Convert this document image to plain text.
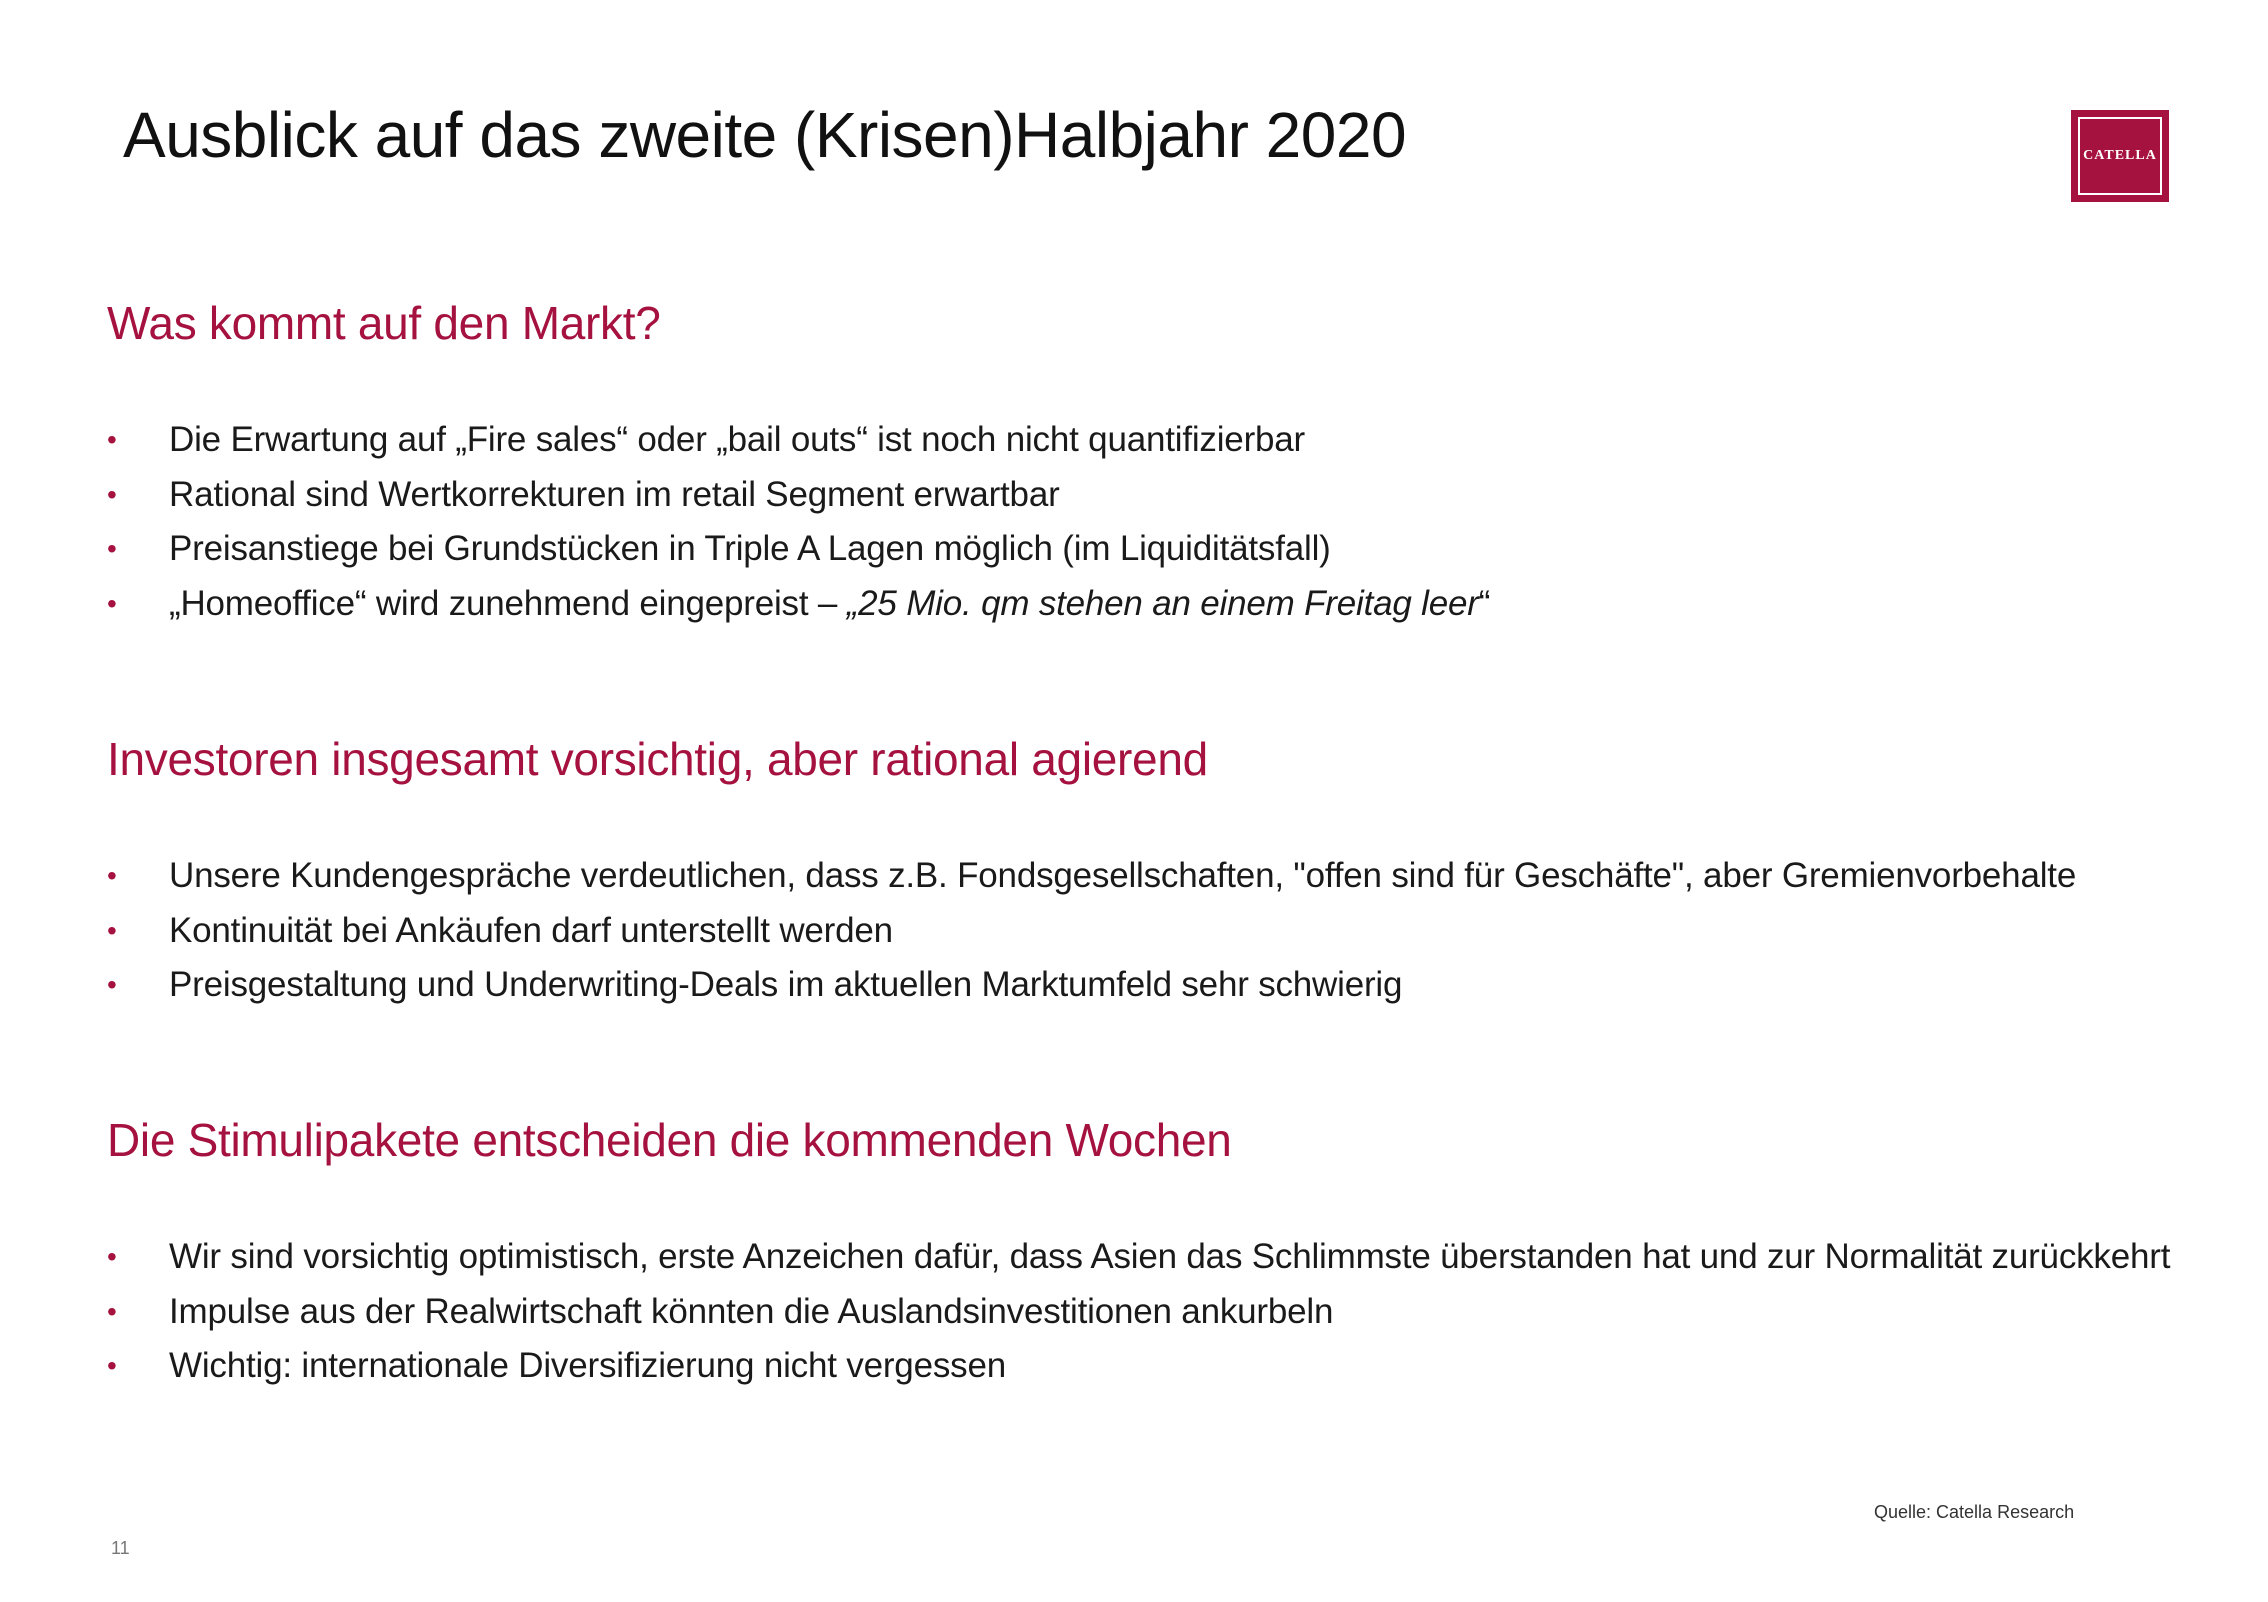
Ausblick auf das zweite (Krisen)Halbjahr 2020	CATELLA
Was kommt auf den Markt?
• Die Erwartung auf „Fire sales“ oder „bail outs“ ist noch nicht quantifizierbar
• Rational sind Wertkorrekturen im retail Segment erwartbar
• Preisanstiege bei Grundstücken in Triple A Lagen möglich (im Liquiditätsfall)
• „Homeoffice“ wird zunehmend eingepreist – „25 Mio. qm stehen an einem Freitag leer“
Investoren insgesamt vorsichtig, aber rational agierend
• Unsere Kundengespräche verdeutlichen, dass z.B. Fondsgesellschaften, "offen sind für Geschäfte", aber Gremienvorbehalte
• Kontinuität bei Ankäufen darf unterstellt werden
• Preisgestaltung und Underwriting-Deals im aktuellen Marktumfeld sehr schwierig
Die Stimulipakete entscheiden die kommenden Wochen
• Wir sind vorsichtig optimistisch, erste Anzeichen dafür, dass Asien das Schlimmste überstanden hat und zur Normalität zurückkehrt
• Impulse aus der Realwirtschaft könnten die Auslandsinvestitionen ankurbeln
• Wichtig: internationale Diversifizierung nicht vergessen
Quelle: Catella Research
11
